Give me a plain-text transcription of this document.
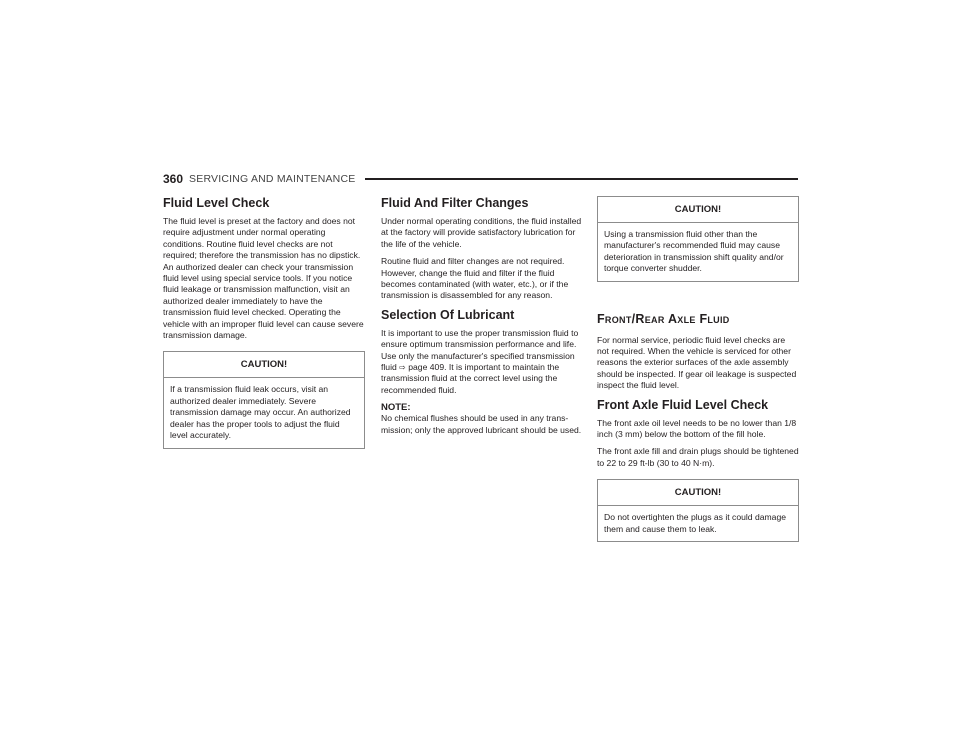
360 SERVICING AND MAINTENANCE
Fluid Level Check

The fluid level is preset at the factory and does not require adjustment under normal operating conditions. Routine fluid level checks are not required; therefore the transmission has no dipstick. An authorized dealer can check your transmission fluid level using special service tools. If you notice fluid leakage or transmission malfunction, visit an authorized dealer immediately to have the transmission fluid level checked. Operating the vehicle with an improper fluid level can cause severe transmission damage.

CAUTION!
If a transmission fluid leak occurs, visit an authorized dealer immediately. Severe transmission damage may occur. An authorized dealer has the proper tools to adjust the fluid level accurately.
Fluid And Filter Changes

Under normal operating conditions, the fluid installed at the factory will provide satisfactory lubrication for the life of the vehicle.

Routine fluid and filter changes are not required. However, change the fluid and filter if the fluid becomes contaminated (with water, etc.), or if the transmission is disassembled for any reason.

Selection Of Lubricant

It is important to use the proper transmission fluid to ensure optimum transmission performance and life. Use only the manufacturer's specified transmission fluid ⇨ page 409. It is important to maintain the transmission fluid at the correct level using the recommended fluid.

NOTE:

No chemical flushes should be used in any trans-mission; only the approved lubricant should be used.

CAUTION!
Using a transmission fluid other than the manufacturer's recommended fluid may cause deterioration in transmission shift quality and/or torque converter shudder.
Front/Rear Axle Fluid

For normal service, periodic fluid level checks are not required. When the vehicle is serviced for other reasons the exterior surfaces of the axle assembly should be inspected. If gear oil leakage is suspected inspect the fluid level.

Front Axle Fluid Level Check

The front axle oil level needs to be no lower than 1/8 inch (3 mm) below the bottom of the fill hole.

The front axle fill and drain plugs should be tightened to 22 to 29 ft-lb (30 to 40 N·m).

CAUTION!
Do not overtighten the plugs as it could damage them and cause them to leak.
